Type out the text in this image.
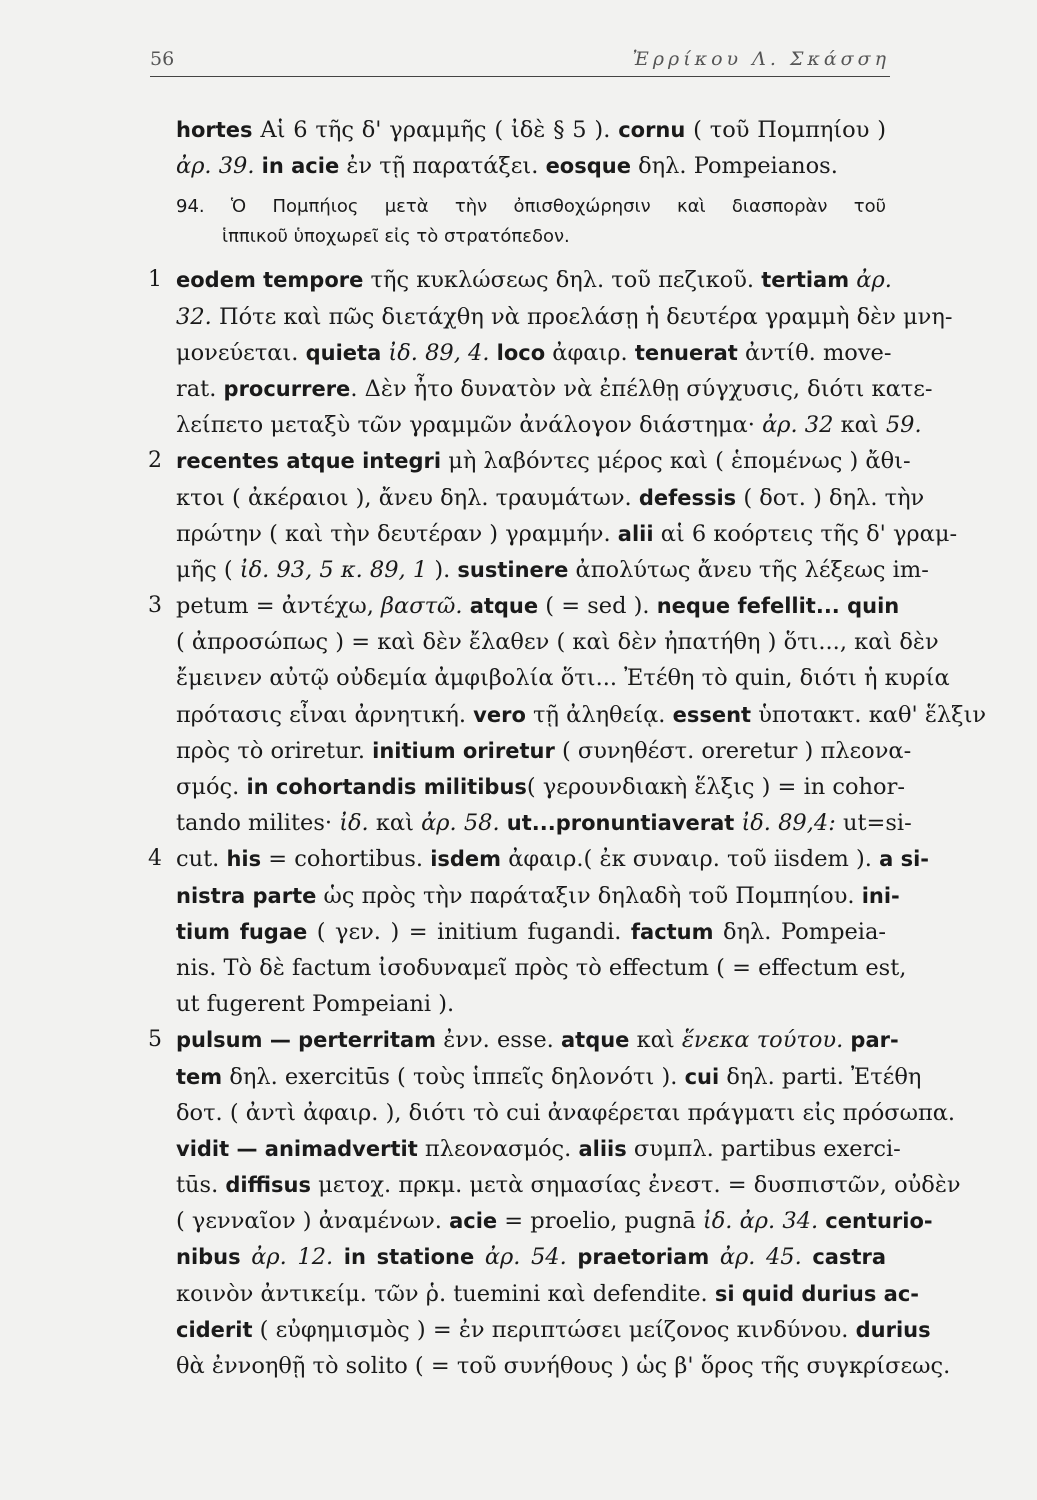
56	Ἐρρίκου Λ. Σκάσση
hortes Αἱ 6 τῆς δ' γραμμῆς ( ἰδὲ § 5 ). cornu ( τοῦ Πομπηίου )
ἀρ. 39. in acie ἐν τῇ παρατάξει. eosque δηλ. Pompeianos.
94. Ὁ Πομπήιος μετὰ τὴν ὀπισθοχώρησιν καὶ διασπορὰν τοῦ
ἱππικοῦ ὑποχωρεῖ εἰς τὸ στρατόπεδον.
1 eodem tempore τῆς κυκλώσεως δηλ. τοῦ πεζικοῦ. tertiam ἀρ.
32. Πότε καὶ πῶς διετάχθη νὰ προελάσῃ ἡ δευτέρα γραμμὴ δὲν μνη-
μονεύεται. quieta ἰδ. 89, 4. loco ἀφαιρ. tenuerat ἀντίθ. move-
rat. procurrere. Δὲν ἦτο δυνατὸν νὰ ἐπέλθῃ σύγχυσις, διότι κατε-
λείπετο μεταξὺ τῶν γραμμῶν ἀνάλογον διάστημα· ἀρ. 32 καὶ 59.
2 recentes atque integri μὴ λαβόντες μέρος καὶ ( ἑπομένως ) ἄθι-
κτοι ( ἀκέραιοι ), ἄνευ δηλ. τραυμάτων. defessis ( δοτ. ) δηλ. τὴν
πρώτην ( καὶ τὴν δευτέραν ) γραμμήν. alii αἱ 6 κοόρτεις τῆς δ' γραμ-
μῆς ( ἰδ. 93, 5 κ. 89, 1 ). sustinere ἀπολύτως ἄνευ τῆς λέξεως im-
3 petum = ἀντέχω, βαστῶ. atque ( = sed ). neque fefellit... quin
( ἀπροσώπως ) = καὶ δὲν ἔλαθεν ( καὶ δὲν ἠπατήθη ) ὅτι..., καὶ δὲν
ἔμεινεν αὐτῷ οὐδεμία ἀμφιβολία ὅτι... Ἐτέθη τὸ quin, διότι ἡ κυρία
πρότασις εἶναι ἀρνητική. vero τῇ ἀληθείᾳ. essent ὑποτακτ. καθ' ἕλξιν
πρὸς τὸ oriretur. initium oriretur ( συνηθέστ. oreretur ) πλεονα-
σμός. in cohortandis militibus( γερουνδιακὴ ἕλξις ) = in cohor-
tando milites· ἰδ. καὶ ἀρ. 58. ut...pronuntiaverat ἰδ. 89,4: ut=si-
4 cut. his = cohortibus. isdem ἀφαιρ.( ἐκ συναιρ. τοῦ iisdem ). a si-
nistra parte ὡς πρὸς τὴν παράταξιν δηλαδὴ τοῦ Πομπηίου. ini-
tium fugae ( γεν. ) = initium fugandi. factum δηλ. Pompeia-
nis. Τὸ δὲ factum ἰσοδυναμεῖ πρὸς τὸ effectum ( = effectum est,
ut fugerent Pompeiani ).
5 pulsum — perterritam ἐνν. esse. atque καὶ ἕνεκα τούτου. par-
tem δηλ. exercitūs ( τοὺς ἱππεῖς δηλονότι ). cui δηλ. parti. Ἐτέθη
δοτ. ( ἀντὶ ἀφαιρ. ), διότι τὸ cui ἀναφέρεται πράγματι εἰς πρόσωπα.
vidit — animadvertit πλεονασμός. aliis συμπλ. partibus exerci-
tūs. diffisus μετοχ. πρκμ. μετὰ σημασίας ἐνεστ. = δυσπιστῶν, οὐδὲν
( γενναῖον ) ἀναμένων. acie = proelio, pugnā ἰδ. ἀρ. 34. centurio-
nibus ἀρ. 12. in statione ἀρ. 54. praetoriam ἀρ. 45. castra
κοινὸν ἀντικείμ. τῶν ῥ. tuemini καὶ defendite. si quid durius ac-
ciderit ( εὐφημισμὸς ) = ἐν περιπτώσει μείζονος κινδύνου. durius
θὰ ἐννοηθῇ τὸ solito ( = τοῦ συνήθους ) ὡς β' ὅρος τῆς συγκρίσεως.
